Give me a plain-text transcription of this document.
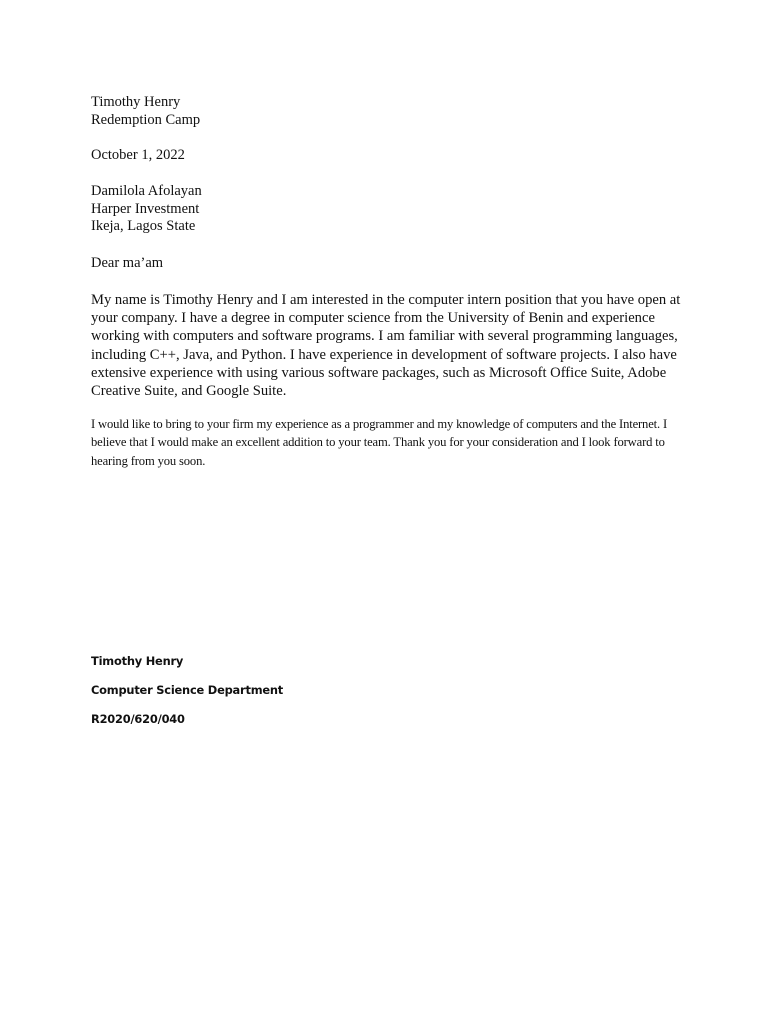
Timothy Henry
Redemption Camp
October 1, 2022
Damilola Afolayan
Harper Investment
Ikeja, Lagos State
Dear ma’am
My name is Timothy Henry and I am interested in the computer intern position that you have open at your company. I have a degree in computer science from the University of Benin and experience working with computers and software programs. I am familiar with several programming languages, including C++, Java, and Python. I have experience in development of software projects. I also have extensive experience with using various software packages, such as Microsoft Office Suite, Adobe Creative Suite, and Google Suite.
I would like to bring to your firm my experience as a programmer and my knowledge of computers and the Internet. I believe that I would make an excellent addition to your team. Thank you for your consideration and I look forward to hearing from you soon.
Timothy Henry
Computer Science Department
R2020/620/040
